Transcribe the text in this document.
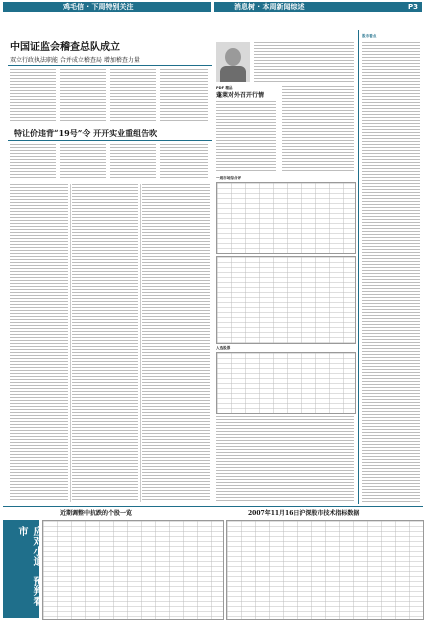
鸡毛信 · 下周特别关注	消息树 · 本周新闻综述	P3
中国证监会稽查总队成立
双立行政执法职能 合并成立稽查局 增加稽查力量
特让价违背“19号”令 开开实业重组告吹
PDF 精品
蓬莱对外召开行情
一周市场综合评
入选股票
股市看点
应对小道、预判看市
近期调整中抗跌的个股一览	2007年11月16日沪深股市技术指标数据
